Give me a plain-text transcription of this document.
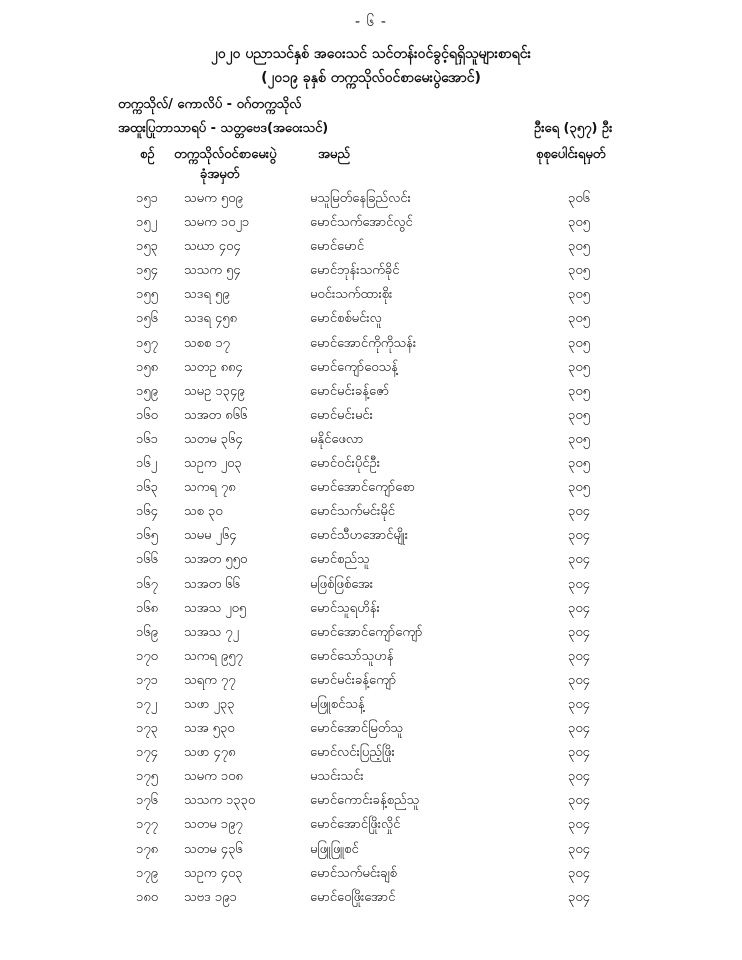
- ၆ -
၂၀၂၀ ပညာသင်နှစ် အဝေးသင် သင်တန်းဝင်ခွင့်ရရှိသူများစာရင်း
(၂၀၁၉ ခုနှစ် တက္ကသိုလ်ဝင်စာမေးပွဲအောင်)
တက္ကသိုလ်/ ကောလိပ် - ဝဂ်တက္ကသိုလ်
အထူးပြုဘာသာရပ် - သတ္တဗေဒ(အဝေးသင်)	ဦးရေ (၃၅၇) ဦး
စဉ် တက္ကသိုလ်ဝင်စာမေးပွဲ
ခုံအမှတ်
အမည်	စုစုပေါင်းရမှတ်
၁၅၁ သမက ၅၀၉	မသူမြတ်နေခြည်လင်း	၃၀၆
၁၅၂ သမက ၁၀၂၁	မောင်သက်အောင်လွင်	၃၀၅
၁၅၃ သဃာ ၄၀၄	မောင်မောင်	၃၀၅
၁၅၄ သသက ၅၄	မောင်ဘုန်းသက်ခိုင်	၃၀၅
၁၅၅ သဒရ ၅၉	မဝင်းသက်ထားစိုး	၃၀၅
၁၅၆ သဒရ ၄၅၈	မောင်စစ်မင်းလူ	၃၀၅
၁၅၇ သစစ ၁၇	မောင်အောင်ကိုကိုသန်း	၃၀၅
၁၅၈ သတဥ ၈၈၄	မောင်ကျော်ဝေသန့်	၃၀၅
၁၅၉ သမဥ ၁၃၄၉	မောင်မင်းခန့်ဇော်	၃၀၅
၁၆၀ သအတ ၈၆၆	မောင်မင်းမင်း	၃၀၅
၁၆၁ သတမ ၃၆၄	မနိုင်ဖေလာ	၃၀၅
၁၆၂ သဥက ၂၀၃	မောင်ဝင်းပိုင်ဦး	၃၀၅
၁၆၃ သကရ ၇၈	မောင်အောင်ကျော်စော	၃၀၅
၁၆၄ သစ ၃၀	မောင်သက်မင်းမိုင်	၃၀၄
၁၆၅ သမမ ၂၆၄	မောင်သီဟအောင်မျိုး	၃၀၄
၁၆၆ သအတ ၅၅၀	မောင်စည်သူ	၃၀၄
၁၆၇ သအတ ၆၆	မဖြစ်ဖြစ်အေး	၃၀၄
၁၆၈ သအသ ၂၀၅	မောင်သူရဟိန်း	၃၀၄
၁၆၉ သအသ ၇၂	မောင်အောင်ကျော်ကျော်	၃၀၄
၁၇၀ သကရ ၉၅၇	မောင်သော်သူဟန်	၃၀၄
၁၇၁ သရက ၇၇	မောင်မင်းခန့်ကျော်	၃၀၄
၁၇၂ သဖာ ၂၃၃	မဖြူစင်သန့်	၃၀၄
၁၇၃ သအ ၅၃၀	မောင်အောင်မြတ်သူ	၃၀၄
၁၇၄ သဖာ ၄၇၈	မောင်လင်းပြည့်ဖြိုး	၃၀၄
၁၇၅ သမက ၁၀၈	မသင်းသင်း	၃၀၄
၁၇၆ သသက ၁၃၃၀	မောင်ကောင်းခန့်စည်သူ	၃၀၄
၁၇၇ သတမ ၁၉၇	မောင်အောင်ဖြိုးလှိုင်	၃၀၄
၁၇၈ သတမ ၄၃၆	မဖြူဖြူစင်	၃၀၄
၁၇၉ သဥက ၄၀၃	မောင်သက်မင်းချစ်	၃၀၄
၁၈၀ သဗဒ ၁၉၁	မောင်ဝေဖြိုးအောင်	၃၀၄
